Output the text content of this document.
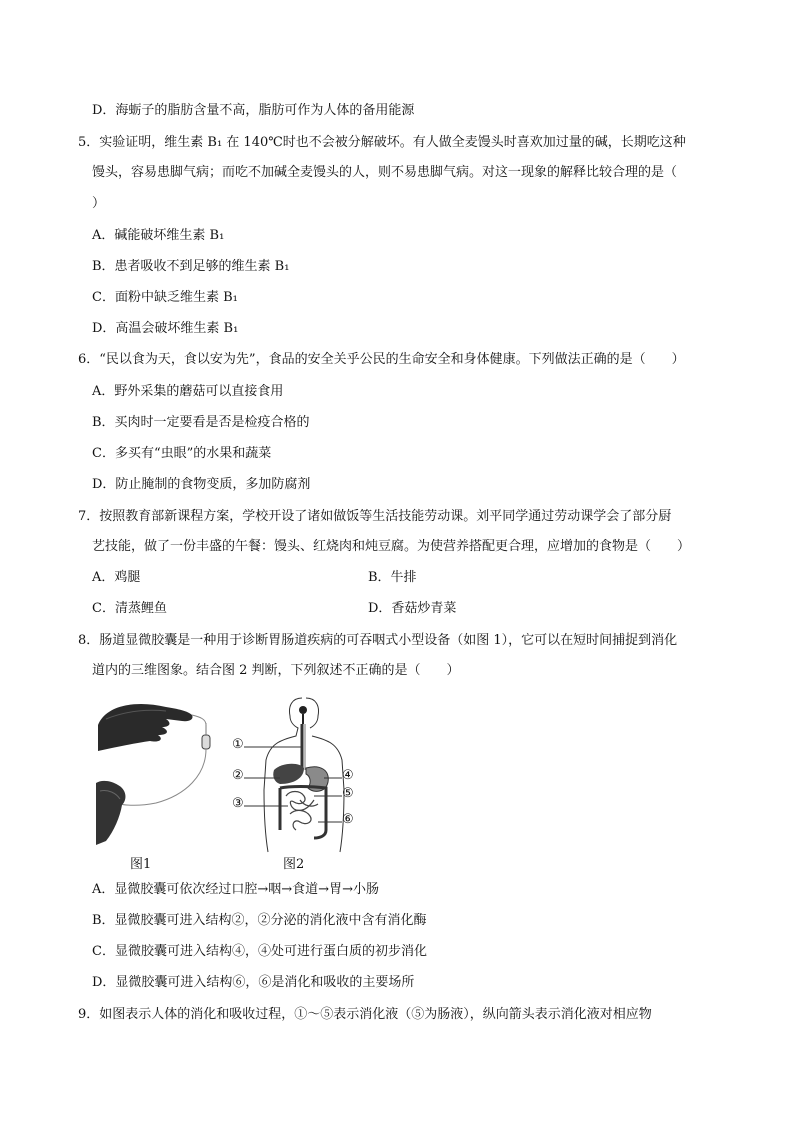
D．海蛎子的脂肪含量不高，脂肪可作为人体的备用能源
5．实验证明，维生素 B₁ 在 140℃时也不会被分解破坏。有人做全麦馒头时喜欢加过量的碱，长期吃这种
馒头，容易患脚气病；而吃不加碱全麦馒头的人，则不易患脚气病。对这一现象的解释比较合理的是（
）
A．碱能破坏维生素 B₁
B．患者吸收不到足够的维生素 B₁
C．面粉中缺乏维生素 B₁
D．高温会破坏维生素 B₁
6．“民以食为天，食以安为先”，食品的安全关乎公民的生命安全和身体健康。下列做法正确的是（　　）
A．野外采集的蘑菇可以直接食用
B．买肉时一定要看是否是检疫合格的
C．多买有“虫眼”的水果和蔬菜
D．防止腌制的食物变质，多加防腐剂
7．按照教育部新课程方案，学校开设了诸如做饭等生活技能劳动课。刘平同学通过劳动课学会了部分厨
艺技能，做了一份丰盛的午餐：馒头、红烧肉和炖豆腐。为使营养搭配更合理，应增加的食物是（　　）
A．鸡腿	B．牛排
C．清蒸鲤鱼	D．香菇炒青菜
8．肠道显微胶囊是一种用于诊断胃肠道疾病的可吞咽式小型设备（如图 1），它可以在短时间捕捉到消化
道内的三维图象。结合图 2 判断，下列叙述不正确的是（　　）
图1
①
②
③
④
⑤
⑥
图2
A．显微胶囊可依次经过口腔→咽→食道→胃→小肠
B．显微胶囊可进入结构②，②分泌的消化液中含有消化酶
C．显微胶囊可进入结构④，④处可进行蛋白质的初步消化
D．显微胶囊可进入结构⑥，⑥是消化和吸收的主要场所
9．如图表示人体的消化和吸收过程，①～⑤表示消化液（⑤为肠液），纵向箭头表示消化液对相应物
